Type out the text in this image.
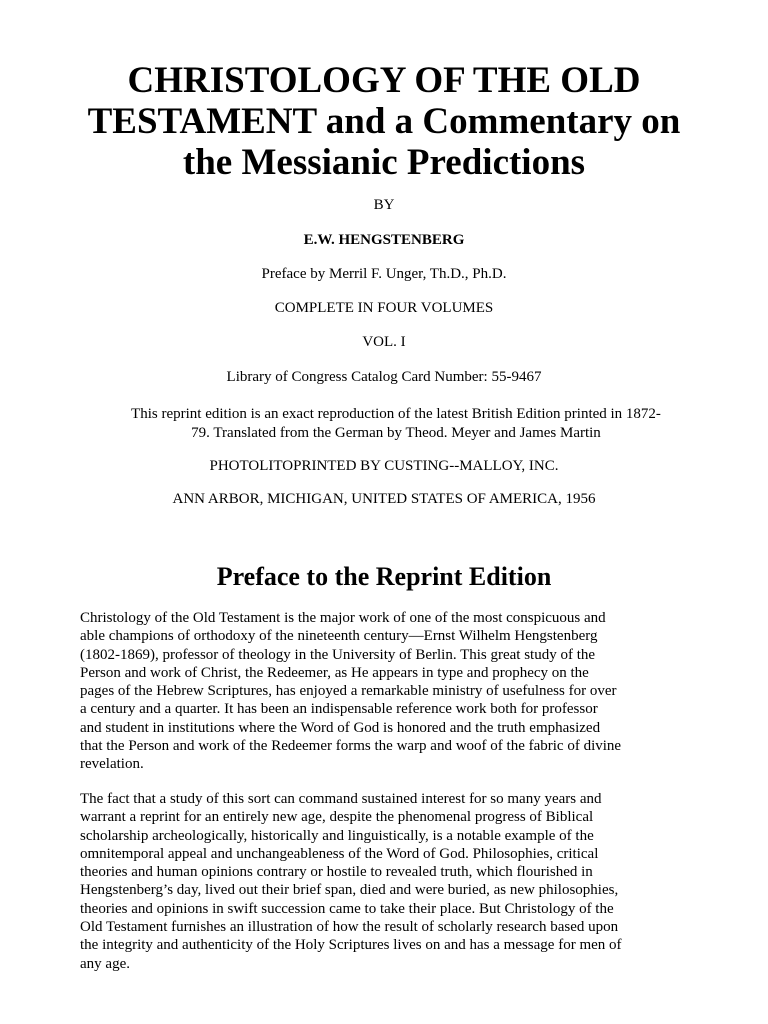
CHRISTOLOGY OF THE OLD
TESTAMENT and a Commentary on
the Messianic Predictions

BY

E.W. HENGSTENBERG

Preface by Merril F. Unger, Th.D., Ph.D.

COMPLETE IN FOUR VOLUMES

VOL. I

Library of Congress Catalog Card Number: 55-9467

This reprint edition is an exact reproduction of the latest British Edition printed in 1872-
79. Translated from the German by Theod. Meyer and James Martin

PHOTOLITOPRINTED BY CUSTING--MALLOY, INC.

ANN ARBOR, MICHIGAN, UNITED STATES OF AMERICA, 1956

Preface to the Reprint Edition

Christology of the Old Testament is the major work of one of the most conspicuous and
able champions of orthodoxy of the nineteenth century—Ernst Wilhelm Hengstenberg
(1802-1869), professor of theology in the University of Berlin. This great study of the
Person and work of Christ, the Redeemer, as He appears in type and prophecy on the
pages of the Hebrew Scriptures, has enjoyed a remarkable ministry of usefulness for over
a century and a quarter. It has been an indispensable reference work both for professor
and student in institutions where the Word of God is honored and the truth emphasized
that the Person and work of the Redeemer forms the warp and woof of the fabric of divine
revelation.

The fact that a study of this sort can command sustained interest for so many years and
warrant a reprint for an entirely new age, despite the phenomenal progress of Biblical
scholarship archeologically, historically and linguistically, is a notable example of the
omnitemporal appeal and unchangeableness of the Word of God. Philosophies, critical
theories and human opinions contrary or hostile to revealed truth, which flourished in
Hengstenberg’s day, lived out their brief span, died and were buried, as new philosophies,
theories and opinions in swift succession came to take their place. But Christology of the
Old Testament furnishes an illustration of how the result of scholarly research based upon
the integrity and authenticity of the Holy Scriptures lives on and has a message for men of
any age.
